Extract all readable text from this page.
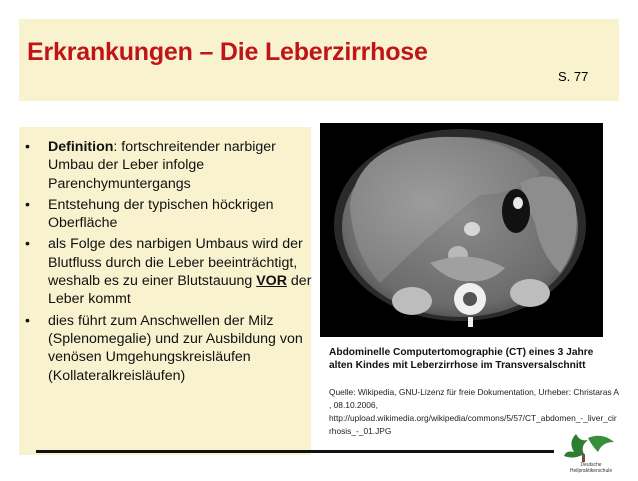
Erkrankungen – Die Leberzirrhose
S. 77
• Definition: fortschreitender narbiger Umbau der Leber infolge Parenchymuntergangs
• Entstehung der typischen höckrigen Oberfläche
• als Folge des narbigen Umbaus wird der Blutfluss durch die Leber beeinträchtigt, weshalb es zu einer Blutstauung VOR der Leber kommt
• dies führt zum Anschwellen der Milz (Splenomegalie) und zur Ausbildung von venösen Umgehungskreisläufen (Kollateralkreisläufen)
Abdominelle Computertomographie (CT) eines 3 Jahre alten Kindes mit Leberzirrhose im Transversalschnitt
Quelle: Wikipedia, GNU-Lizenz für freie Dokumentation, Urheber: Christaras A , 08.10.2006,
http://upload.wikimedia.org/wikipedia/commons/5/57/CT_abdomen_-_liver_cirrhosis_-_01.JPG
Deutsche Heilpraktikerschule
